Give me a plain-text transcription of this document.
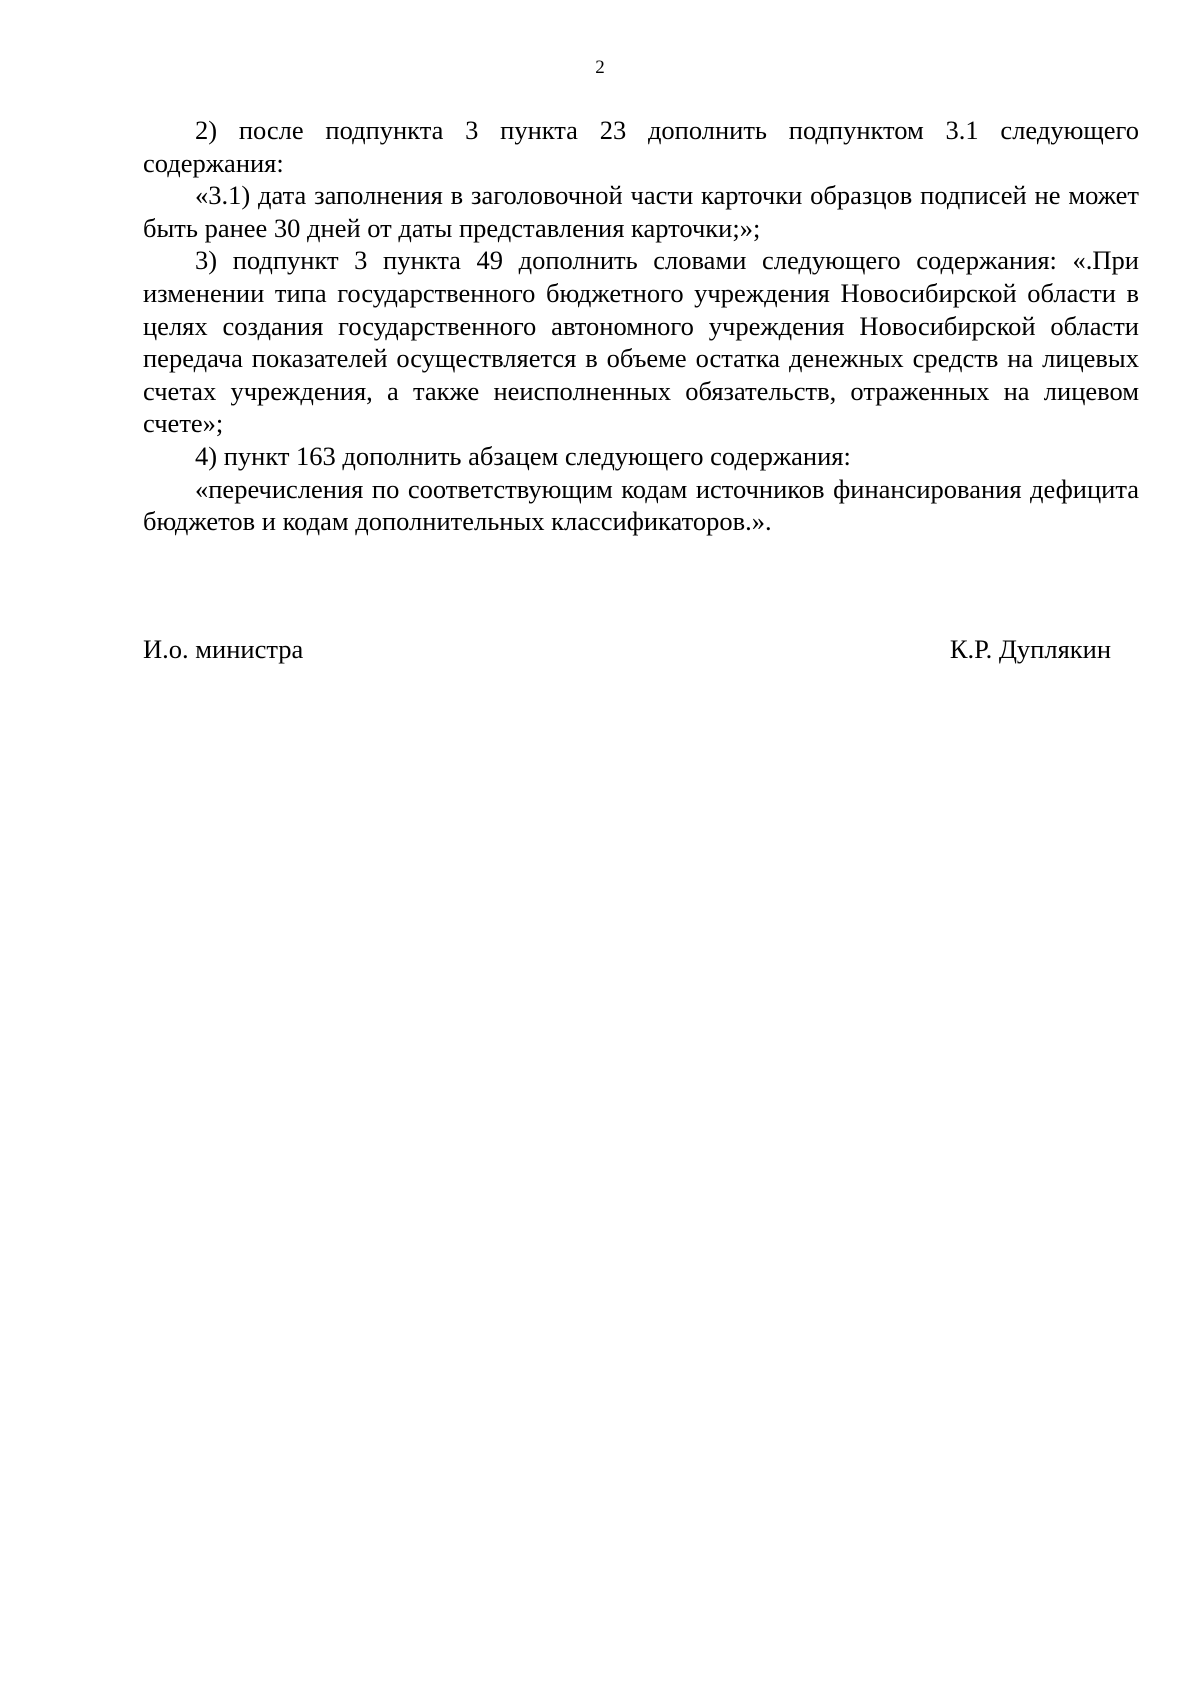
2

2) после подпункта 3 пункта 23 дополнить подпунктом 3.1 следующего содержания:

«3.1) дата заполнения в заголовочной части карточки образцов подписей не может быть ранее 30 дней от даты представления карточки;»;

3) подпункт 3 пункта 49 дополнить словами следующего содержания: «.При изменении типа государственного бюджетного учреждения Новосибирской области в целях создания государственного автономного учреждения Новосибирской области передача показателей осуществляется в объеме остатка денежных средств на лицевых счетах учреждения, а также неисполненных обязательств, отраженных на лицевом счете»;

4) пункт 163 дополнить абзацем следующего содержания:

«перечисления по соответствующим кодам источников финансирования дефицита бюджетов и кодам дополнительных классификаторов.».

И.о. министра	К.Р. Дуплякин
